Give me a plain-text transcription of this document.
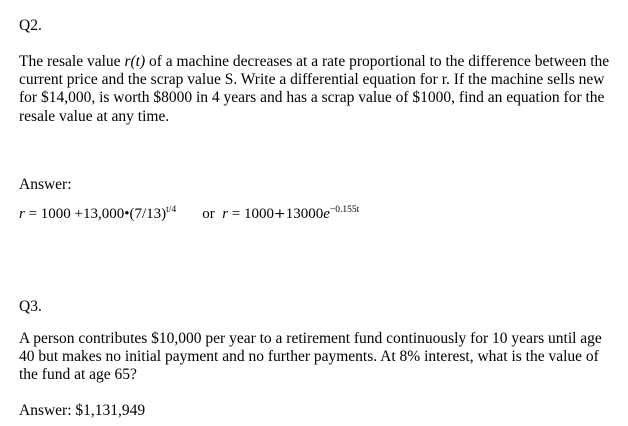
Q2.

The resale value r(t) of a machine decreases at a rate proportional to the difference between the current price and the scrap value S. Write a differential equation for r. If the machine sells new for $14,000, is worth $8000 in 4 years and has a scrap value of $1000, find an equation for the resale value at any time.

Answer:
$r = 1000 +13,000•(7/13)^{t/4}$ or $r = 1000+13000e^{-0.155t}$
Q3.

A person contributes $10,000 per year to a retirement fund continuously for 10 years until age 40 but makes no initial payment and no further payments. At 8% interest, what is the value of the fund at age 65?

Answer: $1,131,949
